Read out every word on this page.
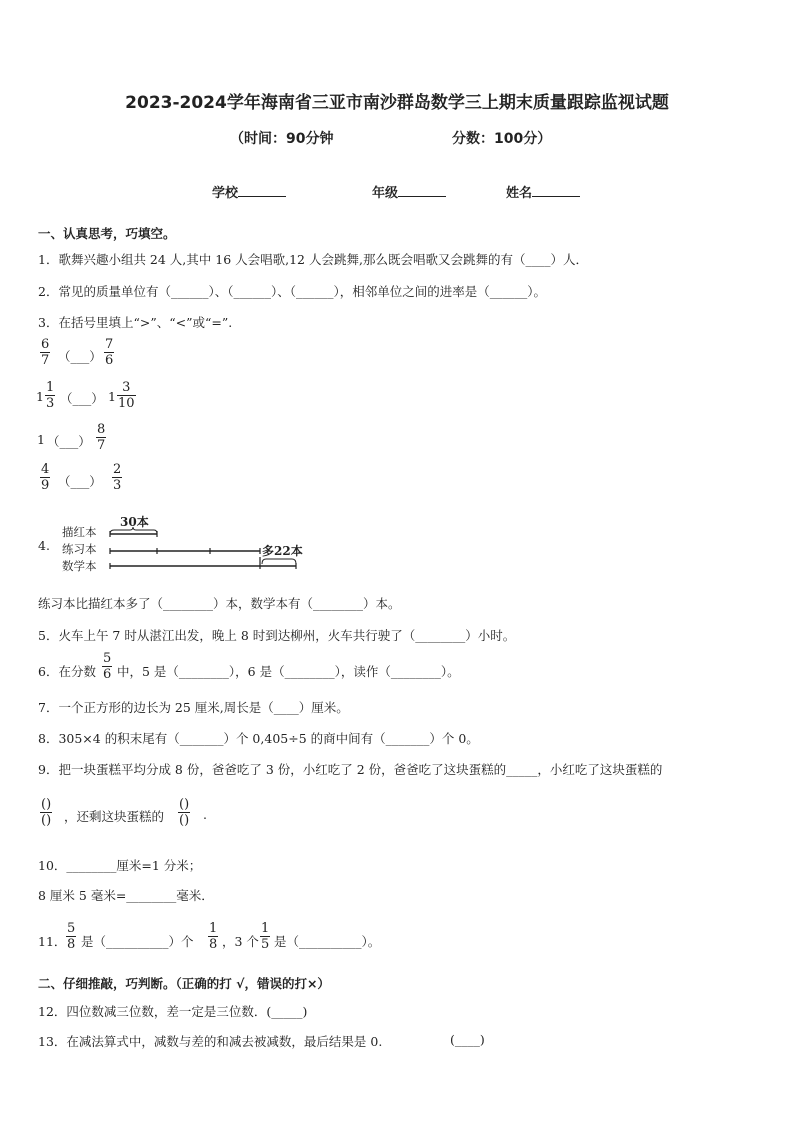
2023-2024学年海南省三亚市南沙群岛数学三上期末质量跟踪监视试题
（时间：90分钟	分数：100分）
学校	年级	姓名
一、认真思考，巧填空。
1．歌舞兴趣小组共 24 人,其中 16 人会唱歌,12 人会跳舞,那么既会唱歌又会跳舞的有（____）人．
2．常见的质量单位有（______）、（______）、（______），相邻单位之间的进率是（______）。
3．在括号里填上“>”、“<”或“=”.
6
7 （___）
7
6
1
1
3 （___） 1
3
10
1 （___）
8
7
4
9 （___）
2
3
4.
描红本
练习本
数学本
30本
多22本
练习本比描红本多了（________）本，数学本有（________）本。
5．火车上午 7 时从湛江出发，晚上 8 时到达柳州，火车共行驶了（________）小时。
6．在分数
5
6 中，5 是（________），6 是（________），读作（________）。
7．一个正方形的边长为 25 厘米,周长是（____）厘米。
8．305×4 的积末尾有（_______）个 0,405÷5 的商中间有（_______）个 0。
9．把一块蛋糕平均分成 8 份，爸爸吃了 3 份，小红吃了 2 份，爸爸吃了这块蛋糕的_____，小红吃了这块蛋糕的
()
() ，还剩这块蛋糕的
()
() .
10．________厘米=1 分米；
8 厘米 5 毫米=________毫米．
11．
5
8 是（__________）个
1
8 ，3 个
1
5 是（__________）。
二、仔细推敲，巧判断。（正确的打 √，错误的打×）
12．四位数减三位数，差一定是三位数．(_____)
13．在减法算式中，减数与差的和减去被减数，最后结果是 0.	(____)
